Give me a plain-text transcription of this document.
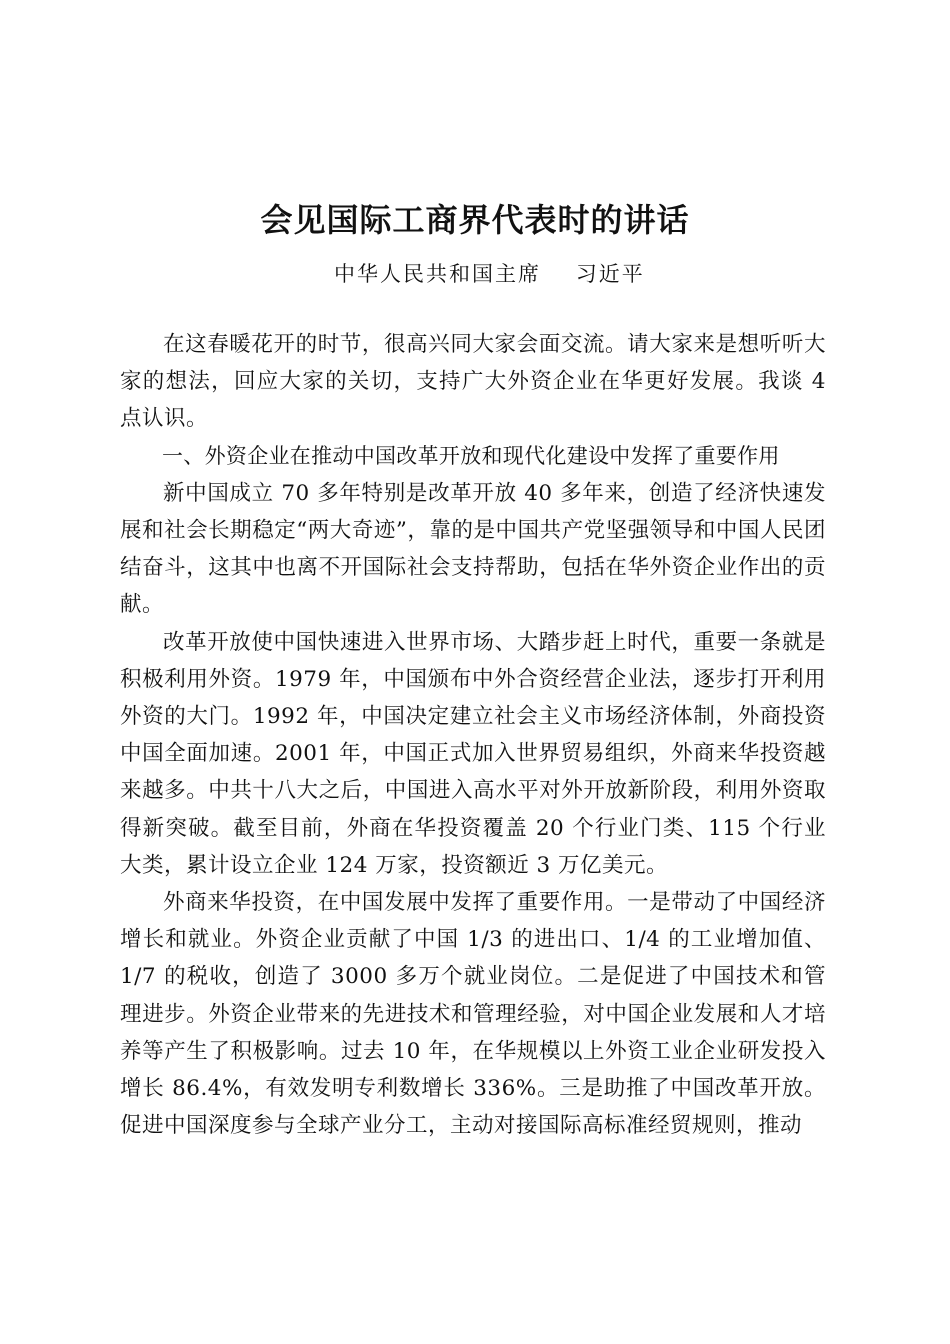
会见国际工商界代表时的讲话
中华人民共和国主席    习近平

在这春暖花开的时节，很高兴同大家会面交流。请大家来是想听听大家的想法，回应大家的关切，支持广大外资企业在华更好发展。我谈 4 点认识。

一、外资企业在推动中国改革开放和现代化建设中发挥了重要作用

新中国成立 70 多年特别是改革开放 40 多年来，创造了经济快速发展和社会长期稳定“两大奇迹”，靠的是中国共产党坚强领导和中国人民团结奋斗，这其中也离不开国际社会支持帮助，包括在华外资企业作出的贡献。

改革开放使中国快速进入世界市场、大踏步赶上时代，重要一条就是积极利用外资。1979 年，中国颁布中外合资经营企业法，逐步打开利用外资的大门。1992 年，中国决定建立社会主义市场经济体制，外商投资中国全面加速。2001 年，中国正式加入世界贸易组织，外商来华投资越来越多。中共十八大之后，中国进入高水平对外开放新阶段，利用外资取得新突破。截至目前，外商在华投资覆盖 20 个行业门类、115 个行业大类，累计设立企业 124 万家，投资额近 3 万亿美元。

外商来华投资，在中国发展中发挥了重要作用。一是带动了中国经济增长和就业。外资企业贡献了中国 1/3 的进出口、1/4 的工业增加值、1/7 的税收，创造了 3000 多万个就业岗位。二是促进了中国技术和管理进步。外资企业带来的先进技术和管理经验，对中国企业发展和人才培养等产生了积极影响。过去 10 年，在华规模以上外资工业企业研发投入增长 86.4%，有效发明专利数增长 336%。三是助推了中国改革开放。促进中国深度参与全球产业分工，主动对接国际高标准经贸规则，推动
